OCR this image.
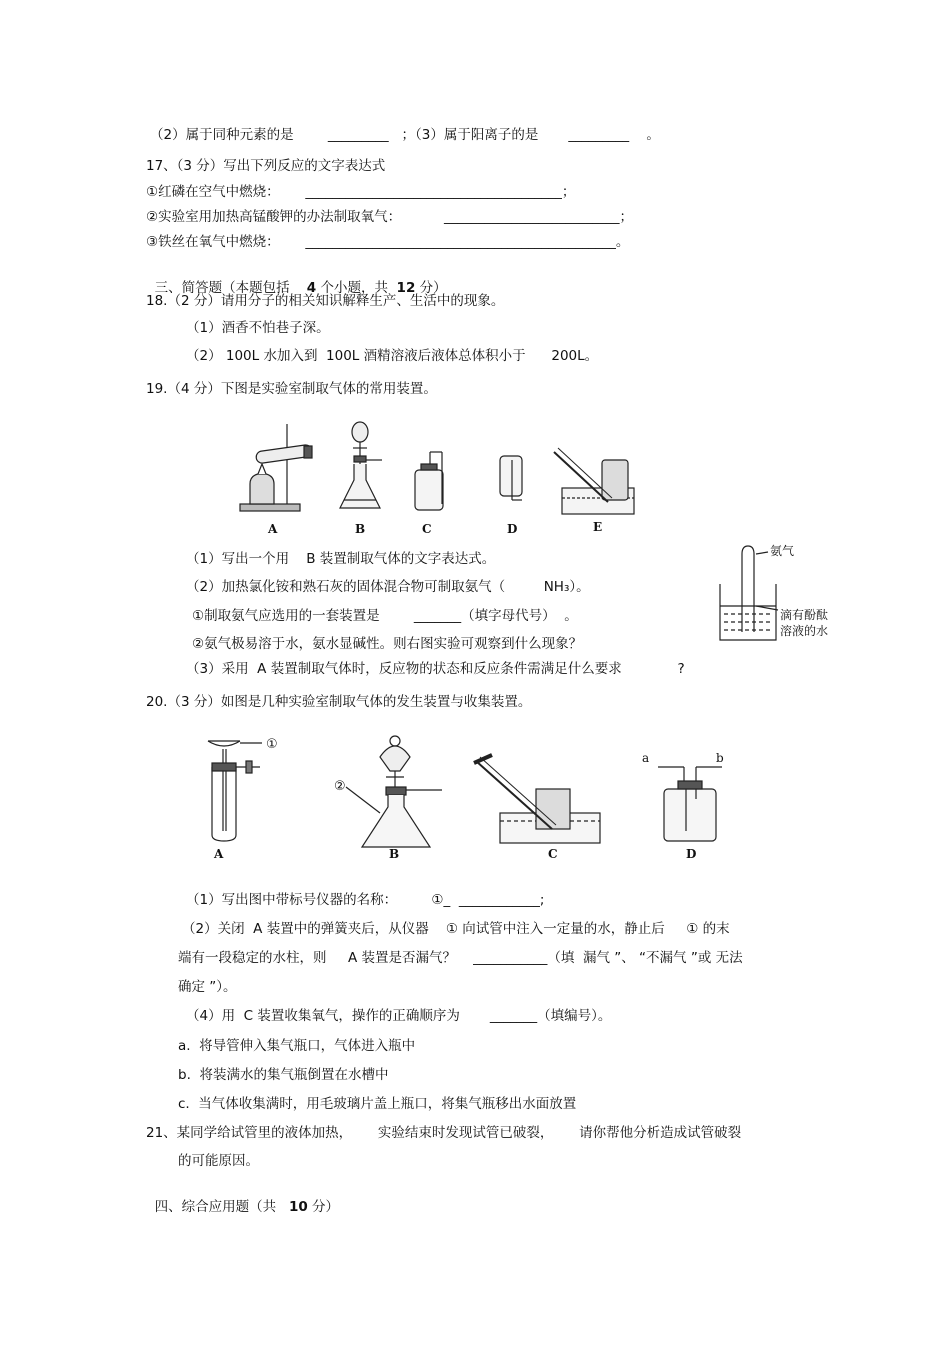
（2）属于同种元素的是        _________   ；（3）属于阳离子的是       _________    。
17、（3 分）写出下列反应的文字表达式
①红磷在空气中燃烧：      ______________________________________；
②实验室用加热高锰酸钾的办法制取氧气：          __________________________；
③铁丝在氧气中燃烧：      ______________________________________________。

三、简答题（本题包括    4 个小题，共  12 分）

18.（2 分）请用分子的相关知识解释生产、生活中的现象。
（1）酒香不怕巷子深。
（2） 100L 水加入到  100L 酒精溶液后液体总体积小于      200L。
19.（4 分）下图是实验室制取气体的常用装置。
A	B	C	D	E
（1）写出一个用    B 装置制取气体的文字表达式。
（2）加热氯化铵和熟石灰的固体混合物可制取氨气（         NH₃）。
①制取氨气应选用的一套装置是        _______（填字母代号）  。
②氨气极易溶于水，氨水显碱性。则右图实验可观察到什么现象？
（3）采用  A 装置制取气体时，反应物的状态和反应条件需满足什么要求             ?
氨气
滴有酚酞
溶液的水
20.（3 分）如图是几种实验室制取气体的发生装置与收集装置。
①
②
a	b
A	B	C	D
（1）写出图中带标号仪器的名称：        ①_  ____________;
（2）关闭  A 装置中的弹簧夹后，从仪器    ① 向试管中注入一定量的水，静止后     ① 的末
端有一段稳定的水柱，则     A 装置是否漏气？    ___________（填  漏气 ”、 “不漏气 ”或 无法
确定 ”）。
（4）用  C 装置收集氧气，操作的正确顺序为       _______（填编号）。
a.  将导管伸入集气瓶口，气体进入瓶中
b.  将装满水的集气瓶倒置在水槽中
c.  当气体收集满时，用毛玻璃片盖上瓶口，将集气瓶移出水面放置
21、某同学给试管里的液体加热，      实验结束时发现试管已破裂，      请你帮他分析造成试管破裂
的可能原因。

四、综合应用题（共   10 分）
